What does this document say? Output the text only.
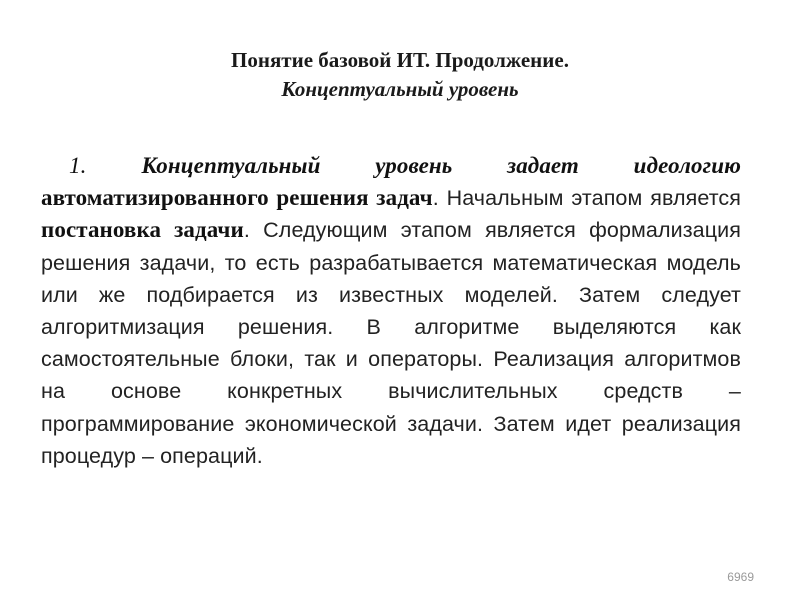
Понятие базовой ИТ. Продолжение.
Концептуальный уровень

1. Концептуальный уровень задает идеологию автоматизированного решения задач. Начальным этапом является постановка задачи. Следующим этапом является формализация решения задачи, то есть разрабатывается математическая модель или же подбирается из известных моделей. Затем следует алгоритмизация решения. В алгоритме выделяются как самостоятельные блоки, так и операторы. Реализация алгоритмов на основе конкретных вычислительных средств – программирование экономической задачи. Затем идет реализация процедур – операций.

6969
